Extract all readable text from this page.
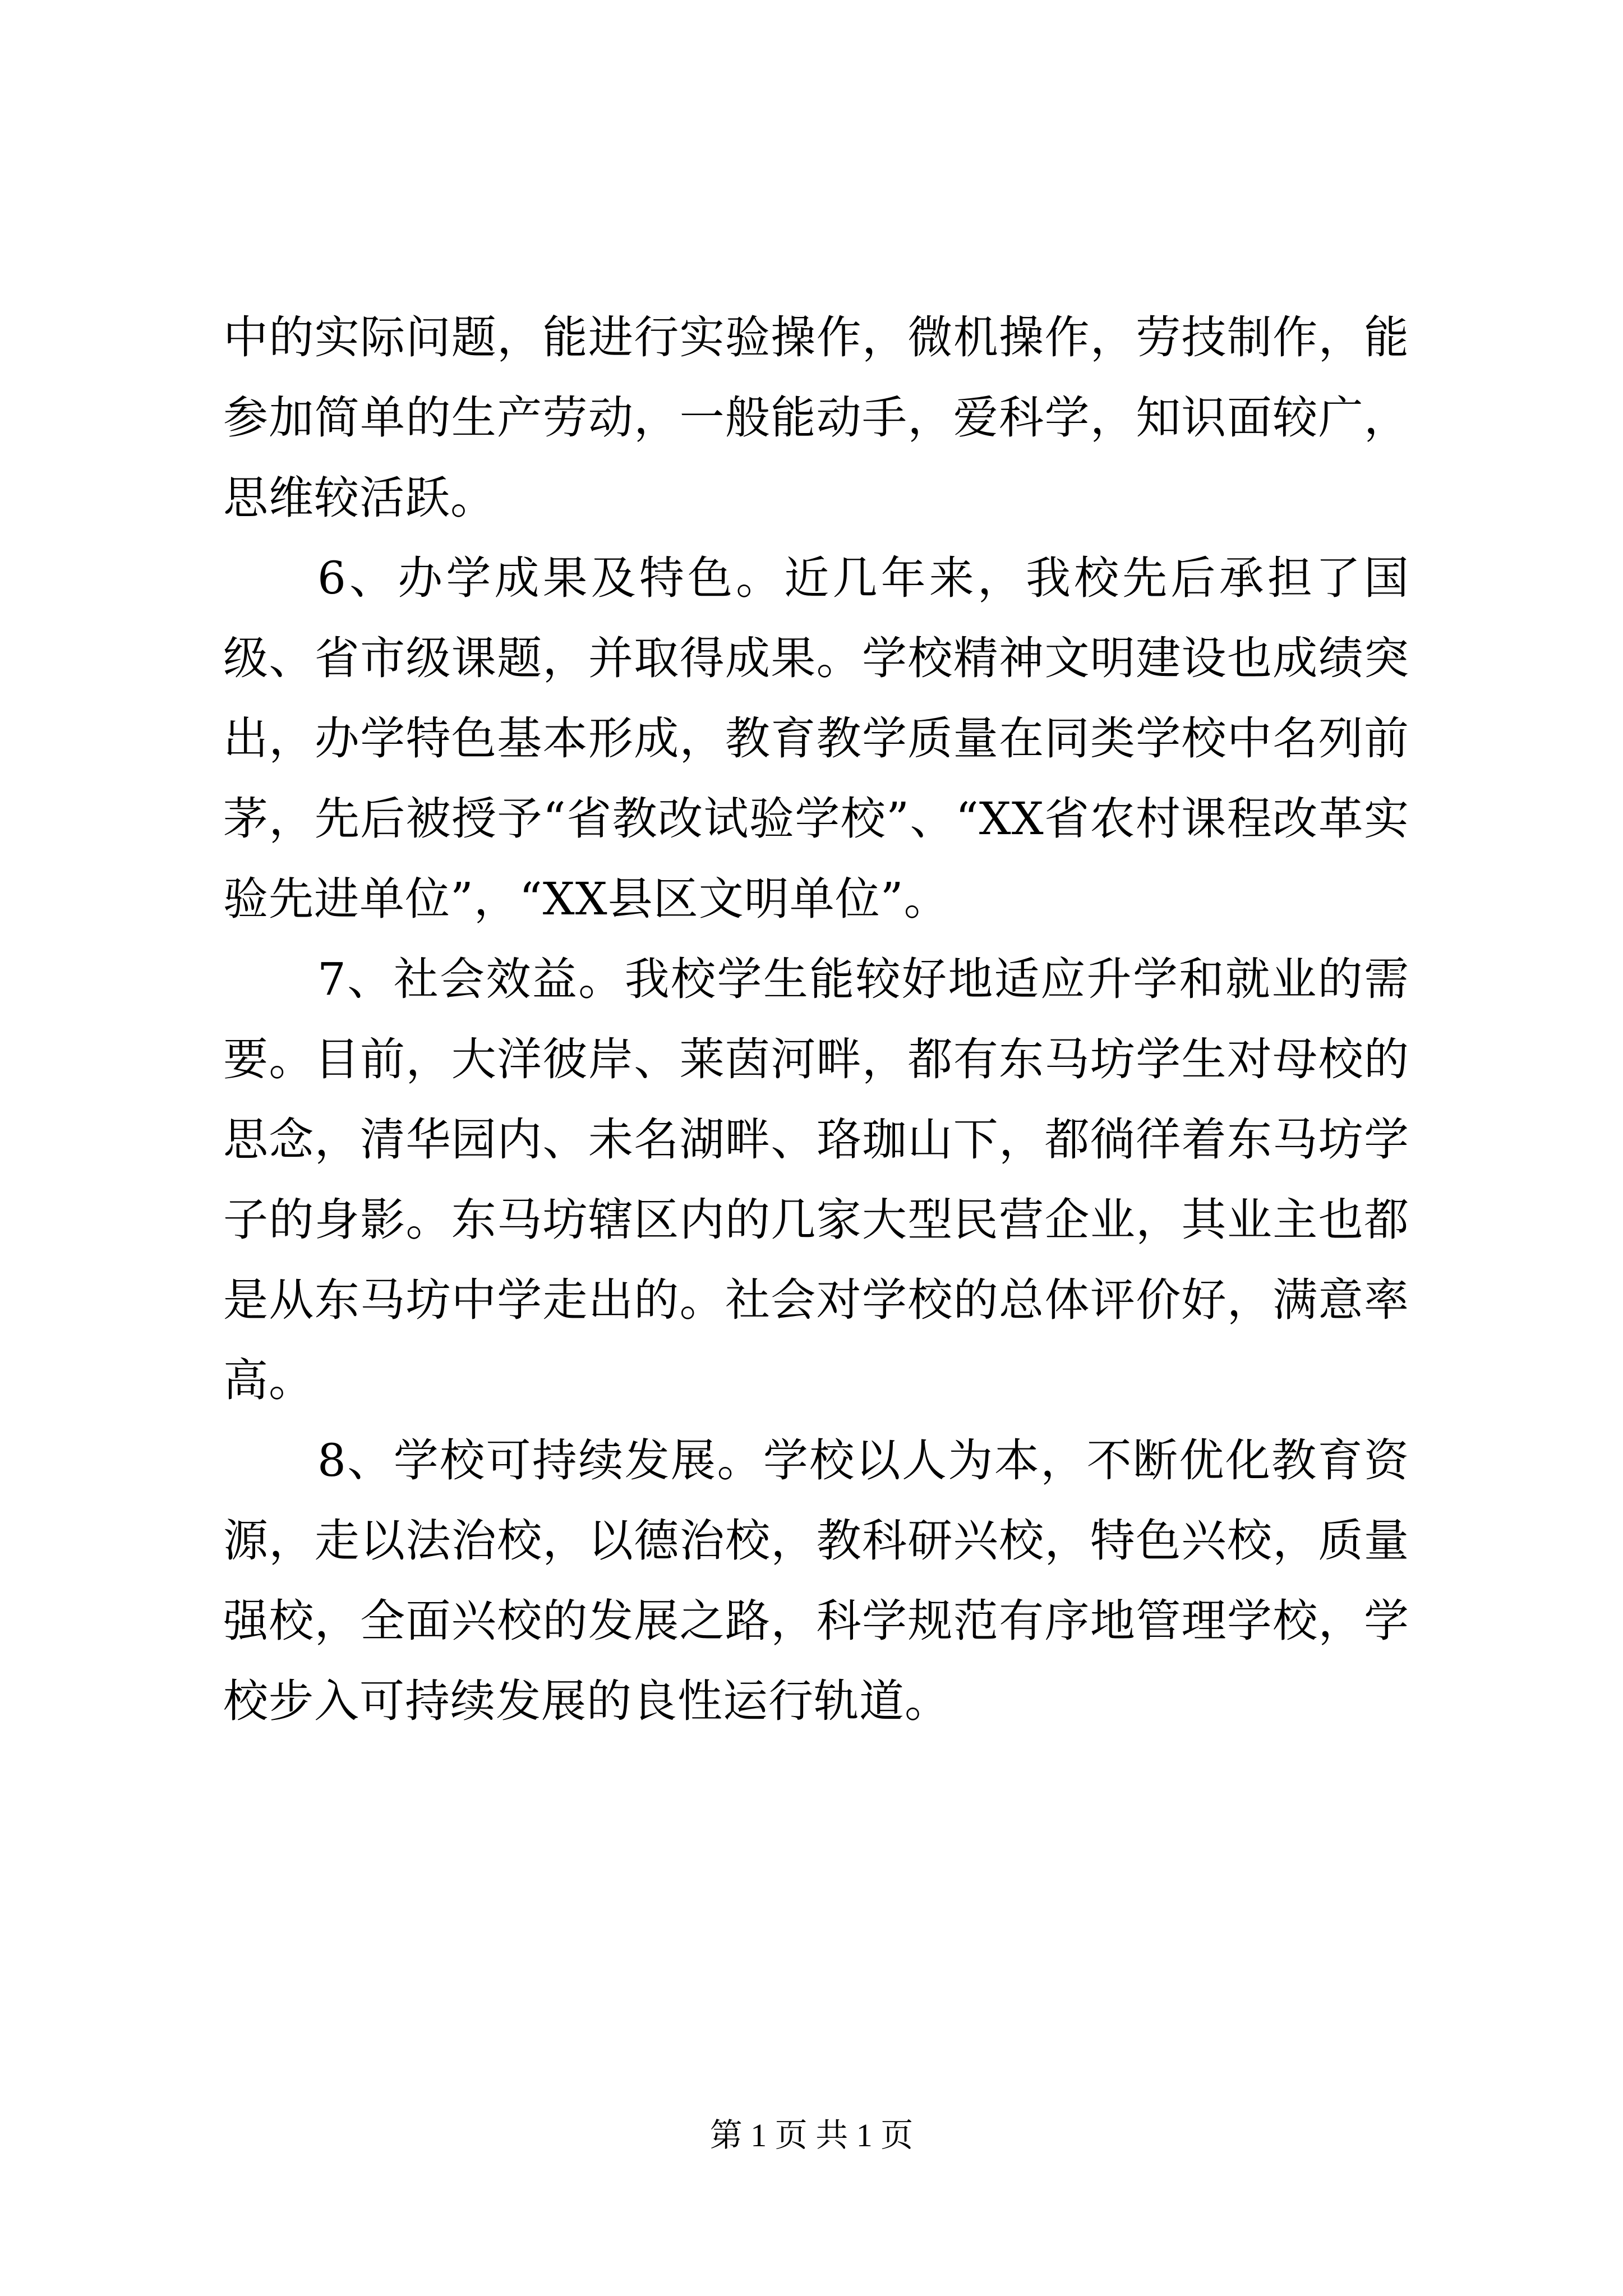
中的实际问题，能进行实验操作，微机操作，劳技制作，能参加简单的生产劳动，一般能动手，爱科学，知识面较广，思维较活跃。

6、办学成果及特色。近几年来，我校先后承担了国级、省市级课题，并取得成果。学校精神文明建设也成绩突出，办学特色基本形成，教育教学质量在同类学校中名列前茅，先后被授予“省教改试验学校”、“XX省农村课程改革实验先进单位”，“XX县区文明单位”。

7、社会效益。我校学生能较好地适应升学和就业的需要。目前，大洋彼岸、莱茵河畔，都有东马坊学生对母校的思念，清华园内、未名湖畔、珞珈山下，都徜徉着东马坊学子的身影。东马坊辖区内的几家大型民营企业，其业主也都是从东马坊中学走出的。社会对学校的总体评价好，满意率高。

8、学校可持续发展。学校以人为本，不断优化教育资源，走以法治校，以德治校，教科研兴校，特色兴校，质量强校，全面兴校的发展之路，科学规范有序地管理学校，学校步入可持续发展的良性运行轨道。

第 1 页 共 1 页
